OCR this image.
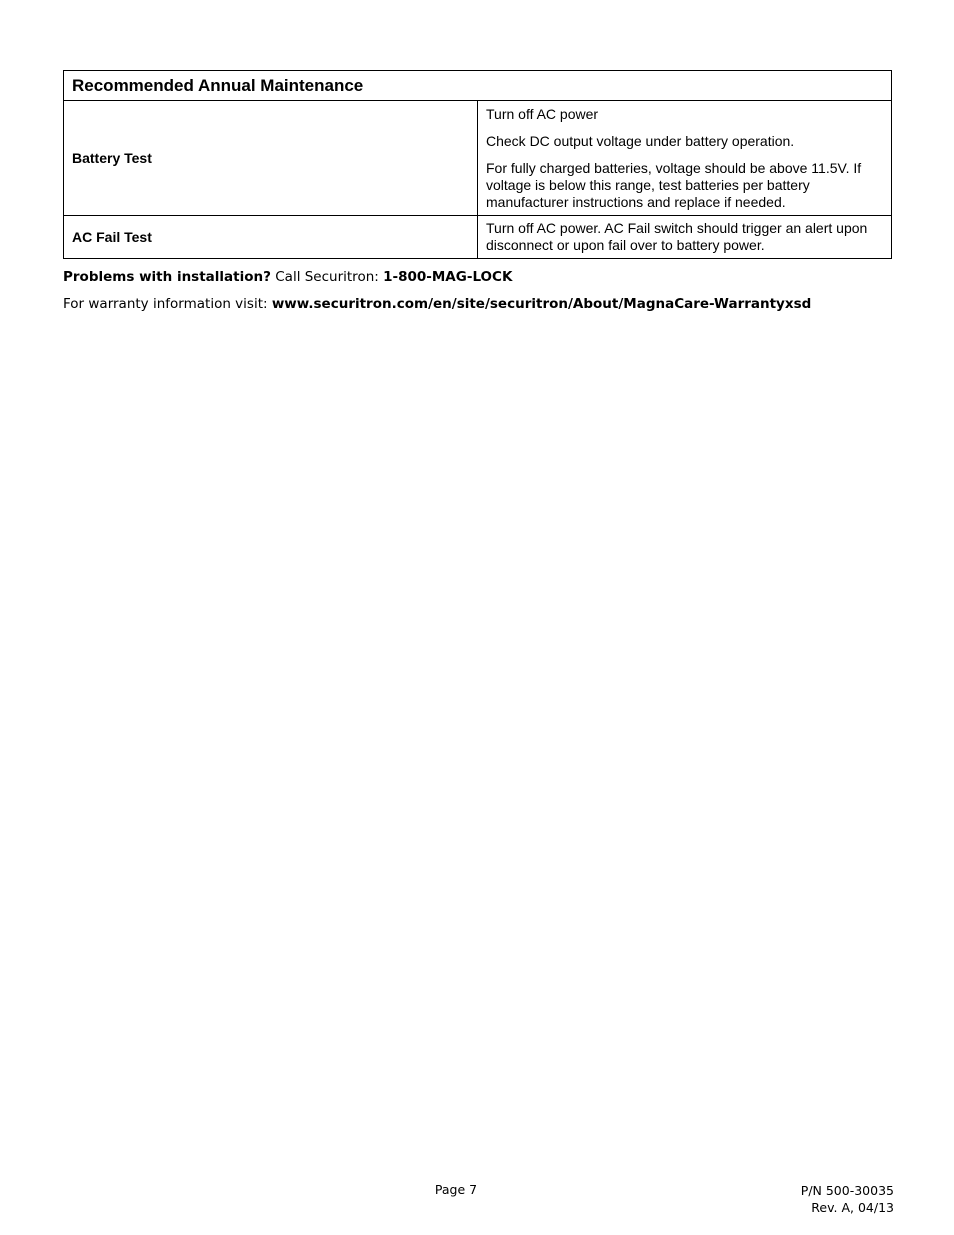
Recommended Annual Maintenance	
Battery Test	Turn off AC power

Check DC output voltage under battery operation.

For fully charged batteries, voltage should be above 11.5V. If voltage is below this range, test batteries per battery manufacturer instructions and replace if needed.

AC Fail Test	Turn off AC power. AC Fail switch should trigger an alert upon disconnect or upon fail over to battery power.

Problems with installation? Call Securitron: 1-800-MAG-LOCK
For warranty information visit: www.securitron.com/en/site/securitron/About/MagnaCare-Warrantyxsd
Page 7	P/N 500-30035
Rev. A, 04/13
